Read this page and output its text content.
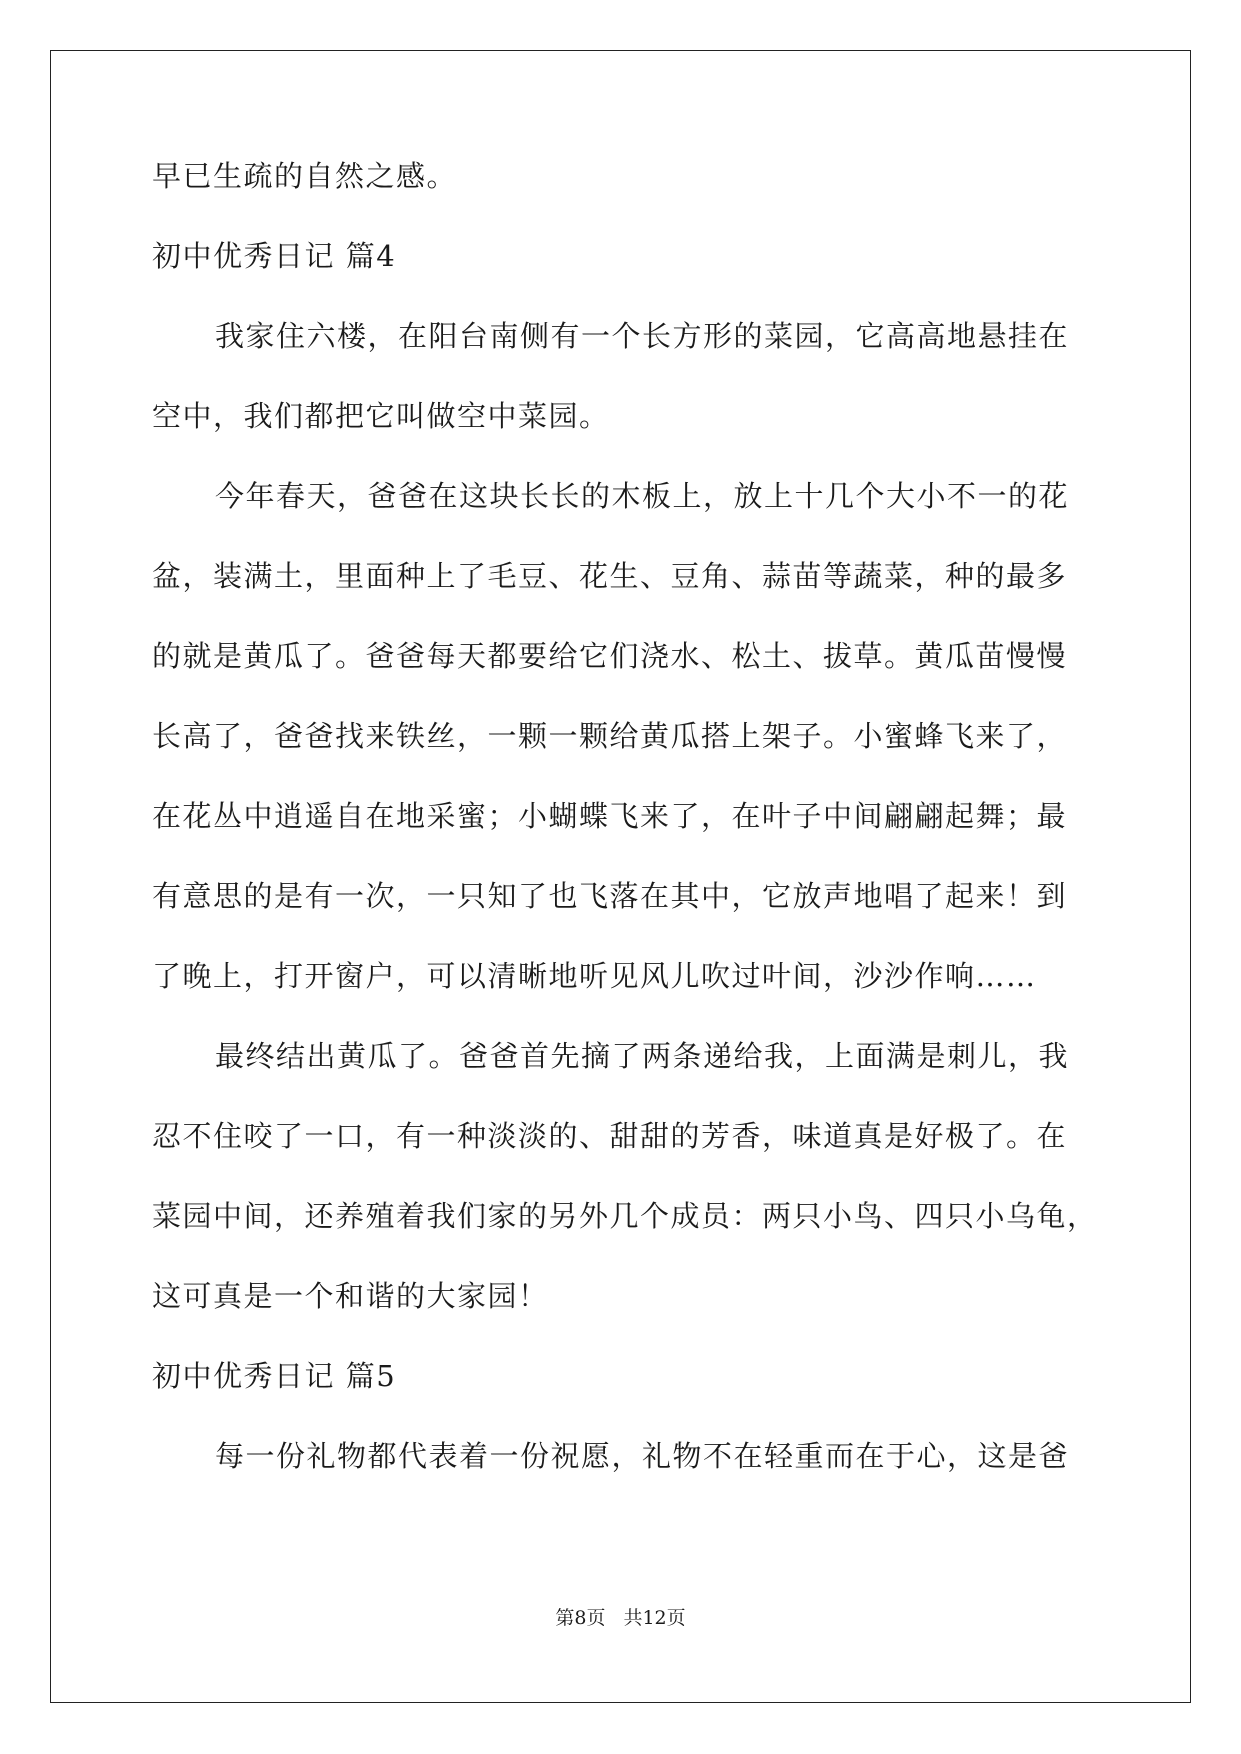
早已生疏的自然之感。

初中优秀日记 篇4

我家住六楼，在阳台南侧有一个长方形的菜园，它高高地悬挂在

空中，我们都把它叫做空中菜园。

今年春天，爸爸在这块长长的木板上，放上十几个大小不一的花

盆，装满土，里面种上了毛豆、花生、豆角、蒜苗等蔬菜，种的最多

的就是黄瓜了。爸爸每天都要给它们浇水、松土、拔草。黄瓜苗慢慢

长高了，爸爸找来铁丝，一颗一颗给黄瓜搭上架子。小蜜蜂飞来了，

在花丛中逍遥自在地采蜜；小蝴蝶飞来了，在叶子中间翩翩起舞；最

有意思的是有一次，一只知了也飞落在其中，它放声地唱了起来！到

了晚上，打开窗户，可以清晰地听见风儿吹过叶间，沙沙作响……

最终结出黄瓜了。爸爸首先摘了两条递给我，上面满是刺儿，我

忍不住咬了一口，有一种淡淡的、甜甜的芳香，味道真是好极了。在

菜园中间，还养殖着我们家的另外几个成员：两只小鸟、四只小乌龟，

这可真是一个和谐的大家园！

初中优秀日记 篇5

每一份礼物都代表着一份祝愿，礼物不在轻重而在于心，这是爸

第8页 共12页
